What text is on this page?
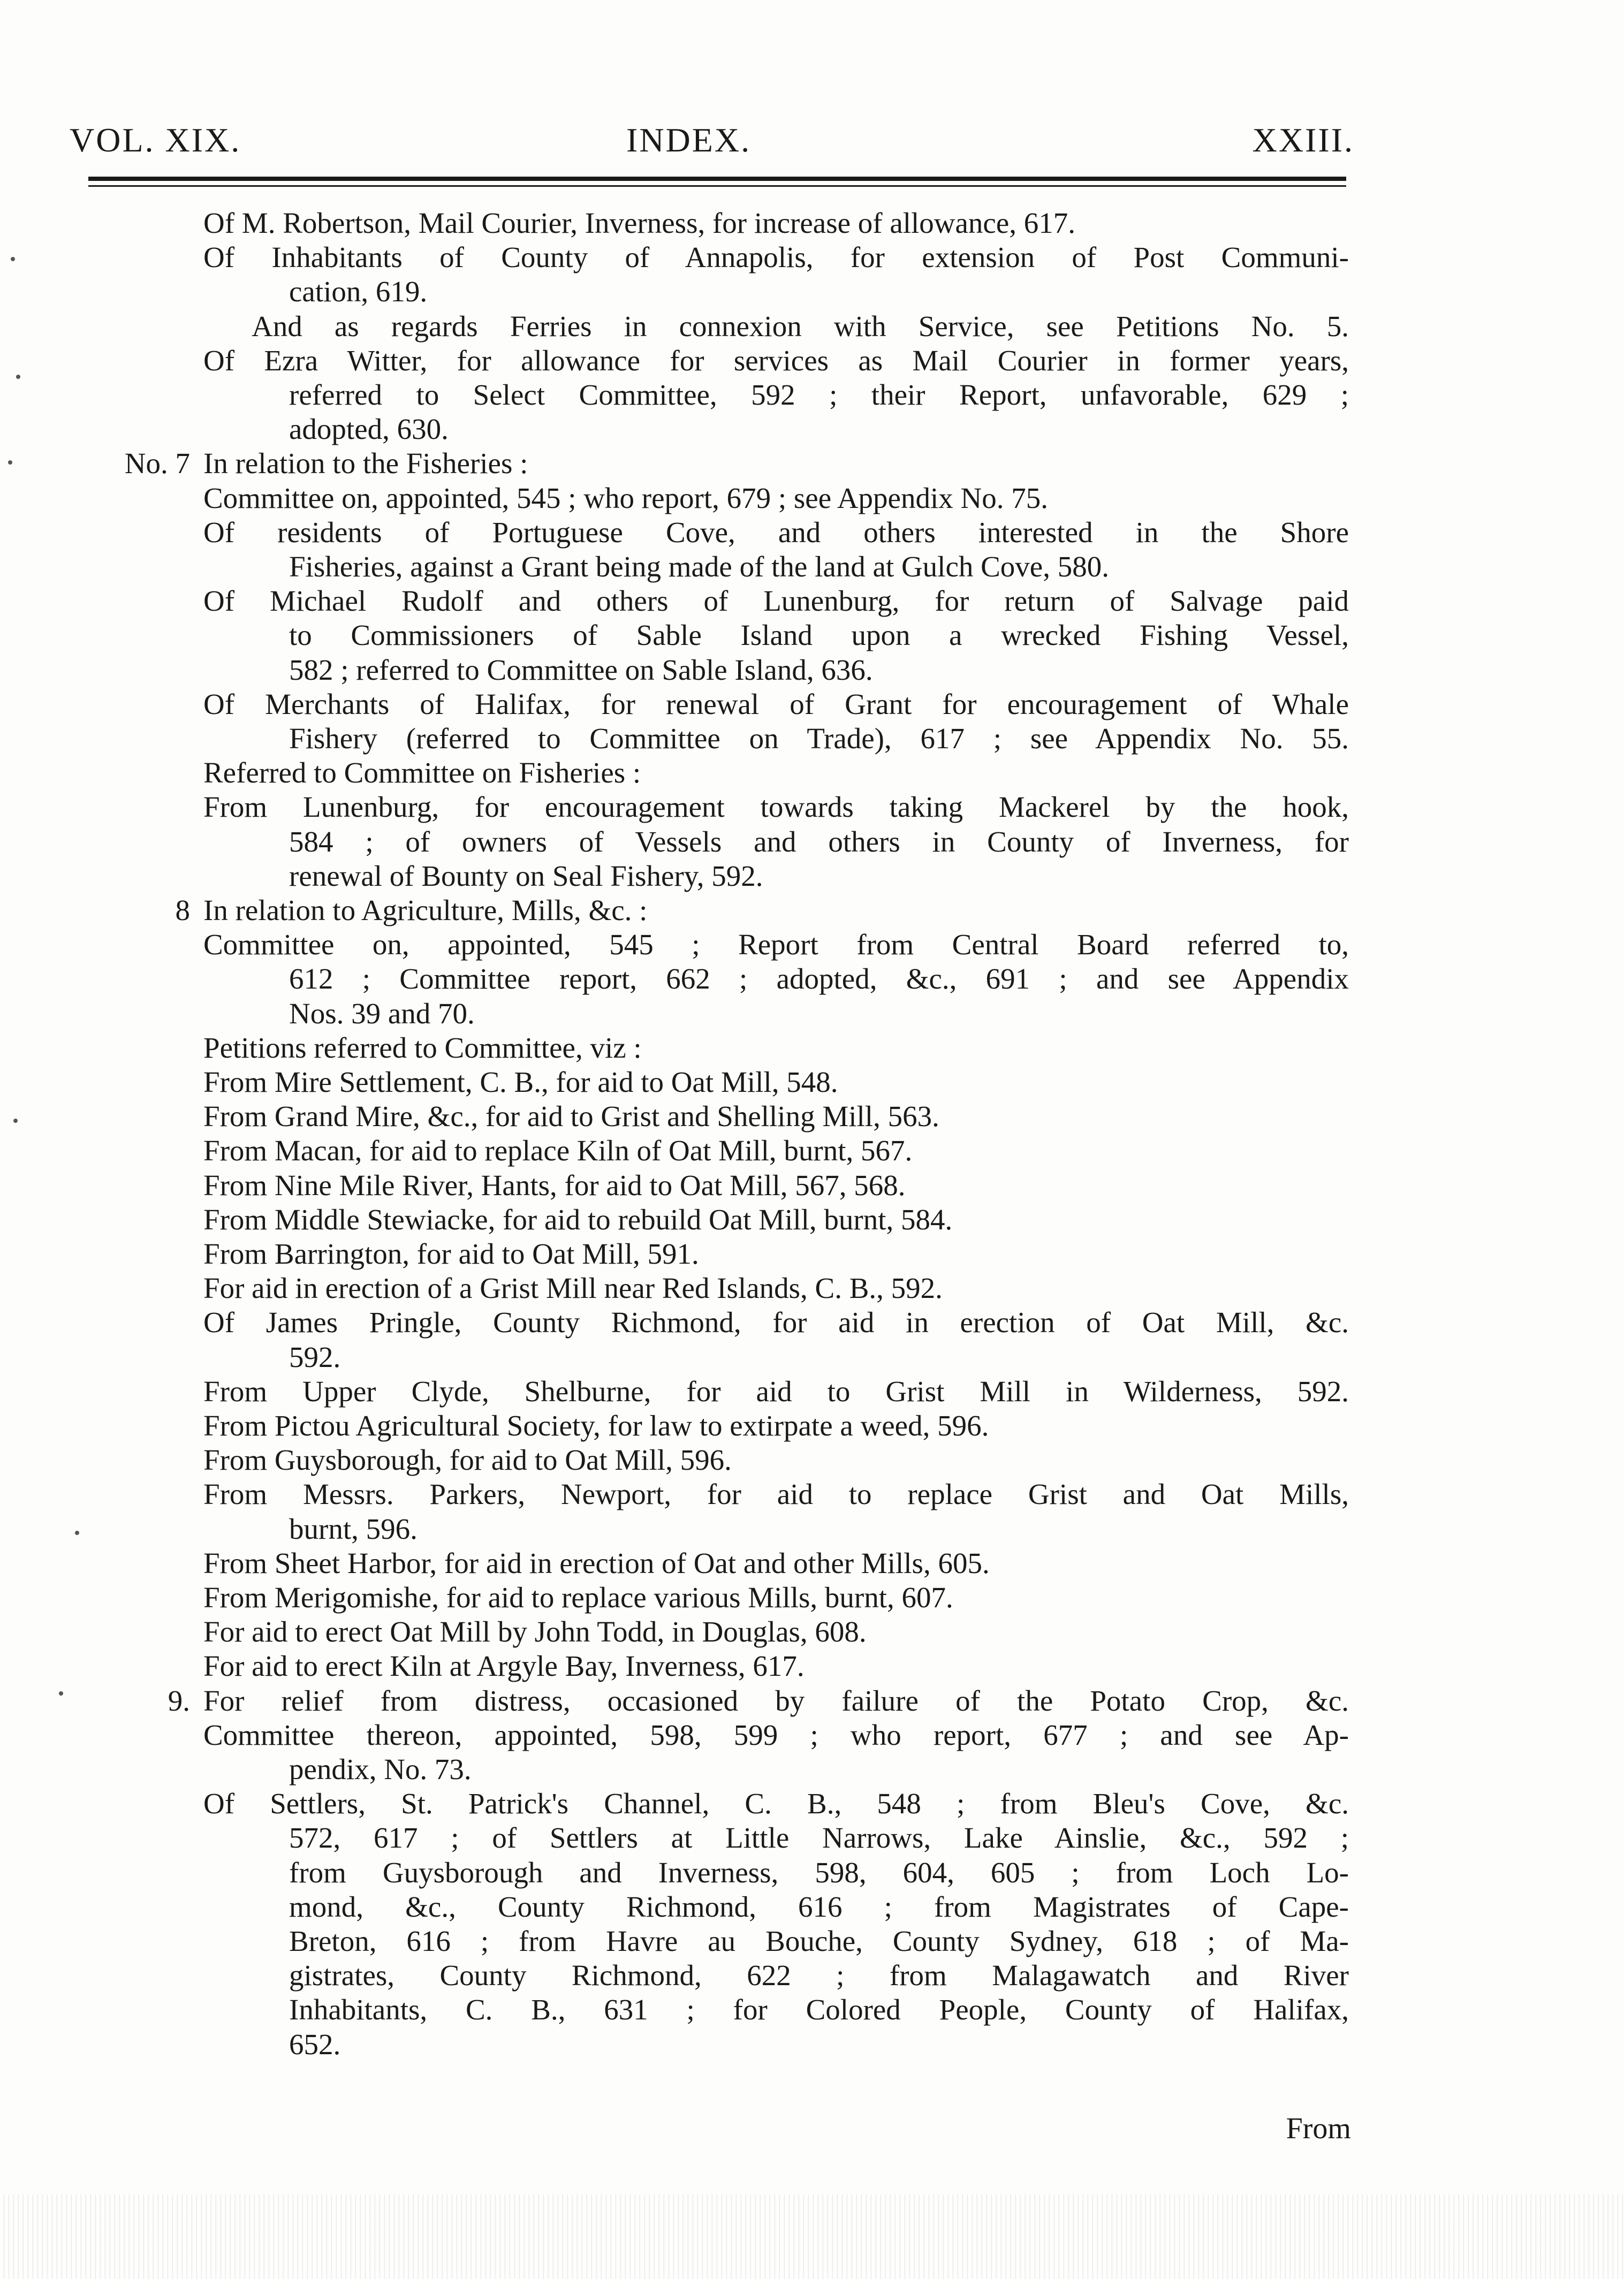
VOL. XIX.	INDEX.	XXIII.
Of M. Robertson, Mail Courier, Inverness, for increase of allowance, 617.
Of Inhabitants of County of Annapolis, for extension of Post Communi-
cation, 619.
And as regards Ferries in connexion with Service, see Petitions No. 5.
Of Ezra Witter, for allowance for services as Mail Courier in former years,
referred to Select Committee, 592 ; their Report, unfavorable, 629 ;
adopted, 630.
No. 7 In relation to the Fisheries :
Committee on, appointed, 545 ; who report, 679 ; see Appendix No. 75.
Of residents of Portuguese Cove, and others interested in the Shore
Fisheries, against a Grant being made of the land at Gulch Cove, 580.
Of Michael Rudolf and others of Lunenburg, for return of Salvage paid
to Commissioners of Sable Island upon a wrecked Fishing Vessel,
582 ; referred to Committee on Sable Island, 636.
Of Merchants of Halifax, for renewal of Grant for encouragement of Whale
Fishery (referred to Committee on Trade), 617 ; see Appendix No. 55.
Referred to Committee on Fisheries :
From Lunenburg, for encouragement towards taking Mackerel by the hook,
584 ; of owners of Vessels and others in County of Inverness, for
renewal of Bounty on Seal Fishery, 592.
8 In relation to Agriculture, Mills, &c. :
Committee on, appointed, 545 ; Report from Central Board referred to,
612 ; Committee report, 662 ; adopted, &c., 691 ; and see Appendix
Nos. 39 and 70.
Petitions referred to Committee, viz :
From Mire Settlement, C. B., for aid to Oat Mill, 548.
From Grand Mire, &c., for aid to Grist and Shelling Mill, 563.
From Macan, for aid to replace Kiln of Oat Mill, burnt, 567.
From Nine Mile River, Hants, for aid to Oat Mill, 567, 568.
From Middle Stewiacke, for aid to rebuild Oat Mill, burnt, 584.
From Barrington, for aid to Oat Mill, 591.
For aid in erection of a Grist Mill near Red Islands, C. B., 592.
Of James Pringle, County Richmond, for aid in erection of Oat Mill, &c.
592.
From Upper Clyde, Shelburne, for aid to Grist Mill in Wilderness, 592.
From Pictou Agricultural Society, for law to extirpate a weed, 596.
From Guysborough, for aid to Oat Mill, 596.
From Messrs. Parkers, Newport, for aid to replace Grist and Oat Mills,
burnt, 596.
From Sheet Harbor, for aid in erection of Oat and other Mills, 605.
From Merigomishe, for aid to replace various Mills, burnt, 607.
For aid to erect Oat Mill by John Todd, in Douglas, 608.
For aid to erect Kiln at Argyle Bay, Inverness, 617.
9. For relief from distress, occasioned by failure of the Potato Crop, &c.
Committee thereon, appointed, 598, 599 ; who report, 677 ; and see Ap-
pendix, No. 73.
Of Settlers, St. Patrick's Channel, C. B., 548 ; from Bleu's Cove, &c.
572, 617 ; of Settlers at Little Narrows, Lake Ainslie, &c., 592 ;
from Guysborough and Inverness, 598, 604, 605 ; from Loch Lo-
mond, &c., County Richmond, 616 ; from Magistrates of Cape-
Breton, 616 ; from Havre au Bouche, County Sydney, 618 ; of Ma-
gistrates, County Richmond, 622 ; from Malagawatch and River
Inhabitants, C. B., 631 ; for Colored People, County of Halifax,
652.
From
